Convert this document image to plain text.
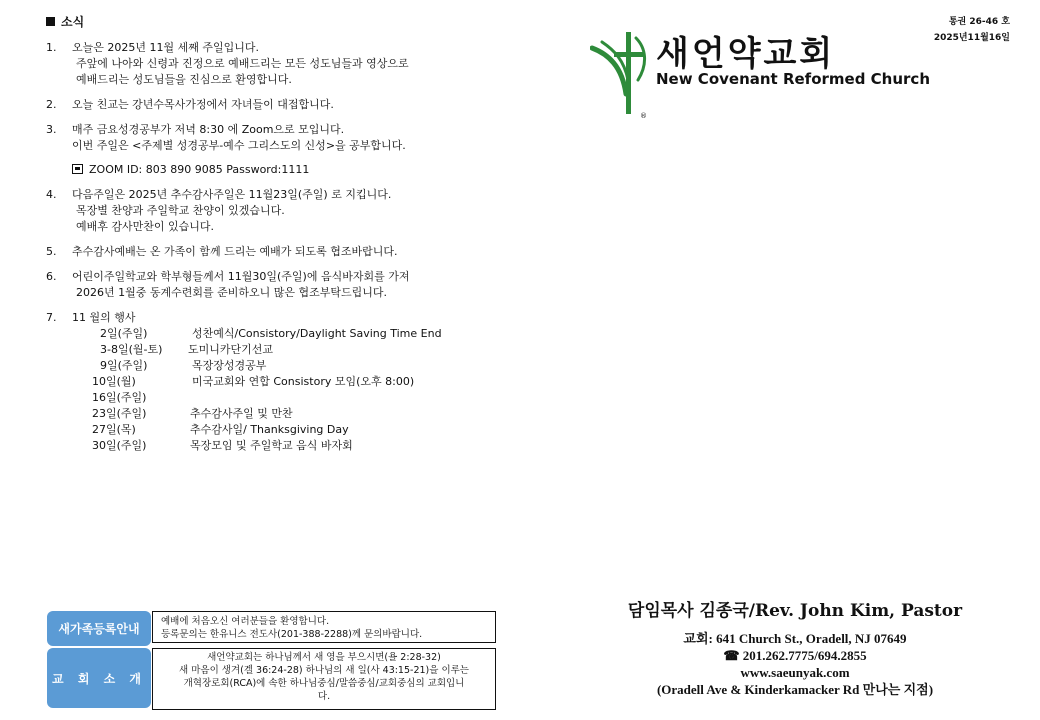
통권 26-46 호
2025년11월16일
®
새언약교회
New Covenant Reformed Church
소식
1.	오늘은 2025년 11월 세째 주일입니다.
주앞에 나아와 신령과 진정으로 예배드리는 모든 성도님들과 영상으로
예배드리는 성도님들을 진심으로 환영합니다.
2.	오늘 친교는 강년수목사가정에서 자녀들이 대접합니다.
3.	매주 금요성경공부가 저녁 8:30 에 Zoom으로 모입니다.
이번 주일은 <주제별 성경공부-예수 그리스도의 신성>을 공부합니다.
ZOOM ID: 803 890 9085 Password:1111
4.	다음주일은 2025년 추수감사주일은 11월23일(주일) 로 지킵니다.
목장별 찬양과 주일학교 찬양이 있겠습니다.
예배후 감사만찬이 있습니다.
5.	추수감사예배는 온 가족이 함께 드리는 예배가 되도록 협조바랍니다.
6.	어린이주일학교와 학부형들께서 11월30일(주일)에 음식바자회를 가져
2026년 1월중 동계수련회를 준비하오니 많은 협조부탁드립니다.
7.	11 월의 행사
2일(주일)	성찬예식/Consistory/Daylight Saving Time End
3-8일(월-토)	도미니카단기선교
9일(주일)	목장장성경공부
10일(월)	미국교회와 연합 Consistory 모임(오후 8:00)
16일(주일)
23일(주일)	추수감사주일 및 만찬
27일(목)	추수감사일/ Thanksgiving Day
30일(주일)	목장모임 및 주일학교 음식 바자회
새가족등록안내
예배에 처음오신 여러분들을 환영합니다.
등록문의는 한유니스 전도사(201-388-2288)께 문의바랍니다.
교 회 소 개
새언약교회는 하나님께서 새 영을 부으시면(욜 2:28-32)
새 마음이 생겨(겔 36:24-28) 하나님의 새 일(사 43:15-21)을 이루는
개혁장로회(RCA)에 속한 하나님중심/말씀중심/교회중심의 교회입니
다.
담임목사 김종국/Rev. John Kim, Pastor
교회: 641 Church St., Oradell, NJ 07649
☎ 201.262.7775/694.2855
www.saeunyak.com
(Oradell Ave & Kinderkamacker Rd 만나는 지점)
